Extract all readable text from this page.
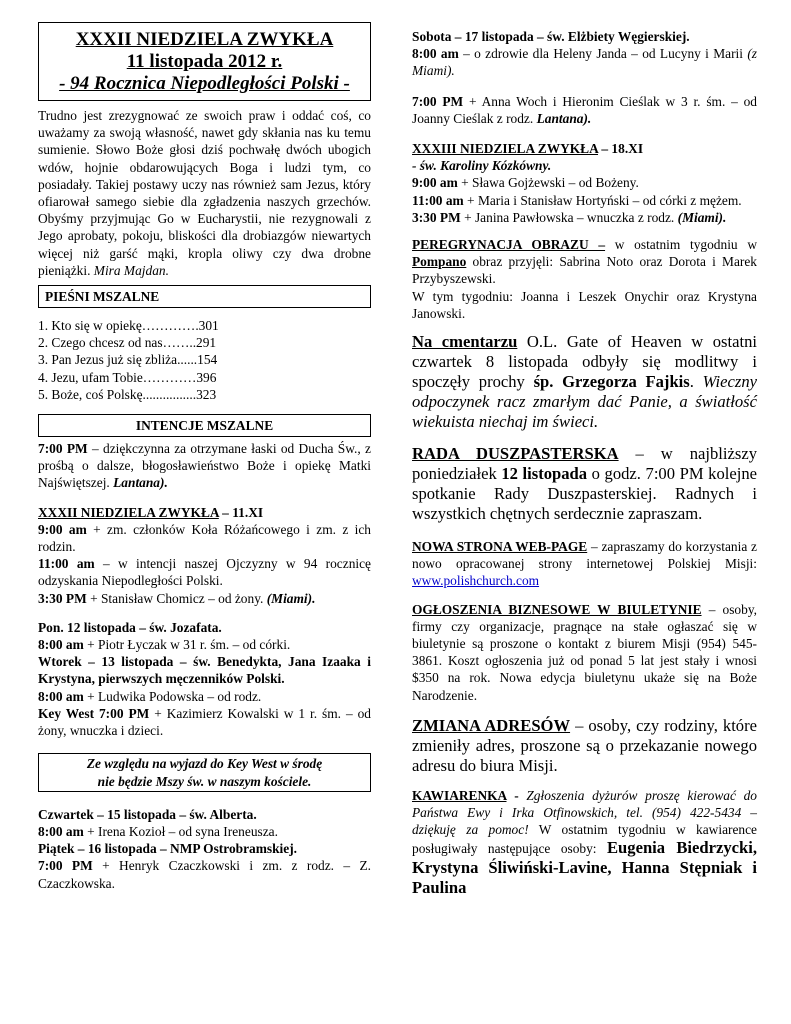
XXXII NIEDZIELA ZWYKŁA
11 listopada 2012 r.
- 94 Rocznica Niepodległości Polski -
Trudno jest zrezygnować ze swoich praw i oddać coś, co uważamy za swoją własność, nawet gdy skłania nas ku temu sumienie. Słowo Boże głosi dziś pochwałę dwóch ubogich wdów, hojnie obdarowujących Boga i ludzi tym, co posiadały. Takiej postawy uczy nas również sam Jezus, który ofiarował samego siebie dla zgładzenia naszych grzechów. Obyśmy przyjmując Go w Eucharystii, nie rezygnowali z Jego aprobaty, pokoju, bliskości dla drobiazgów niewartych więcej niż garść mąki, kropla oliwy czy dwa drobne pieniążki. Mira Majdan.
PIEŚNI MSZALNE
1. Kto się w opiekę………….301
2. Czego chcesz od nas……..291
3. Pan Jezus już się zbliża......154
4. Jezu, ufam Tobie…………396
5. Boże, coś Polskę................323
INTENCJE MSZALNE
7:00 PM – dziękczynna za otrzymane łaski od Ducha Św., z prośbą o dalsze, błogosławieństwo Boże i opiekę Matki Najświętszej. Lantana).
XXXII NIEDZIELA ZWYKŁA – 11.XI
9:00 am + zm. członków Koła Różańcowego i zm. z ich rodzin.
11:00 am – w intencji naszej Ojczyzny w 94 rocznicę odzyskania Niepodległości Polski.
3:30 PM + Stanisław Chomicz – od żony. (Miami).
Pon. 12 listopada – św. Jozafata.
8:00 am + Piotr Łyczak w 31 r. śm. – od córki.
Wtorek – 13 listopada – św. Benedykta, Jana Izaaka i Krystyna, pierwszych męczenników Polski.
8:00 am + Ludwika Podowska – od rodz.
Key West 7:00 PM + Kazimierz Kowalski w 1 r. śm. – od żony, wnuczka i dzieci.
Ze względu na wyjazd do Key West w środę
nie będzie Mszy św. w naszym kościele.
Czwartek – 15 listopada – św. Alberta.
8:00 am + Irena Kozioł – od syna Ireneusza.
Piątek – 16 listopada – NMP Ostrobramskiej.
7:00 PM + Henryk Czaczkowski i zm. z rodz. – Z. Czaczkowska.
Sobota – 17 listopada – św. Elżbiety Węgierskiej.
8:00 am – o zdrowie dla Heleny Janda – od Lucyny i Marii (z Miami).
7:00 PM + Anna Woch i Hieronim Cieślak w 3 r. śm. – od Joanny Cieślak z rodz. Lantana).
XXXIII NIEDZIELA ZWYKŁA – 18.XI
- św. Karoliny Kózkówny.
9:00 am + Sława Gojżewski – od Bożeny.
11:00 am + Maria i Stanisław Hortyński – od córki z mężem.
3:30 PM + Janina Pawłowska – wnuczka z rodz. (Miami).
PEREGRYNACJA OBRAZU – w ostatnim tygodniu w Pompano obraz przyjęli: Sabrina Noto oraz Dorota i Marek Przybyszewski.
W tym tygodniu: Joanna i Leszek Onychir oraz Krystyna Janowski.
Na cmentarzu O.L. Gate of Heaven w ostatni czwartek 8 listopada odbyły się modlitwy i spoczęły prochy śp. Grzegorza Fajkis. Wieczny odpoczynek racz zmarłym dać Panie, a światłość wiekuista niechaj im świeci.
RADA DUSZPASTERSKA – w najbliższy poniedziałek 12 listopada o godz. 7:00 PM kolejne spotkanie Rady Duszpasterskiej. Radnych i wszystkich chętnych serdecznie zapraszam.
NOWA STRONA WEB-PAGE – zapraszamy do korzystania z nowo opracowanej strony internetowej Polskiej Misji: www.polishchurch.com
OGŁOSZENIA BIZNESOWE W BIULETYNIE – osoby, firmy czy organizacje, pragnące na stałe ogłaszać się w biuletynie są proszone o kontakt z biurem Misji (954) 545-3861. Koszt ogłoszenia już od ponad 5 lat jest stały i wnosi $350 na rok. Nowa edycja biuletynu ukaże się na Boże Narodzenie.
ZMIANA ADRESÓW – osoby, czy rodziny, które zmieniły adres, proszone są o przekazanie nowego adresu do biura Misji.
KAWIARENKA - Zgłoszenia dyżurów proszę kierować do Państwa Ewy i Irka Otfinowskich, tel. (954) 422-5434 – dziękuję za pomoc! W ostatnim tygodniu w kawiarence posługiwały następujące osoby: Eugenia Biedrzycki, Krystyna Śliwiński-Lavine, Hanna Stępniak i Paulina
